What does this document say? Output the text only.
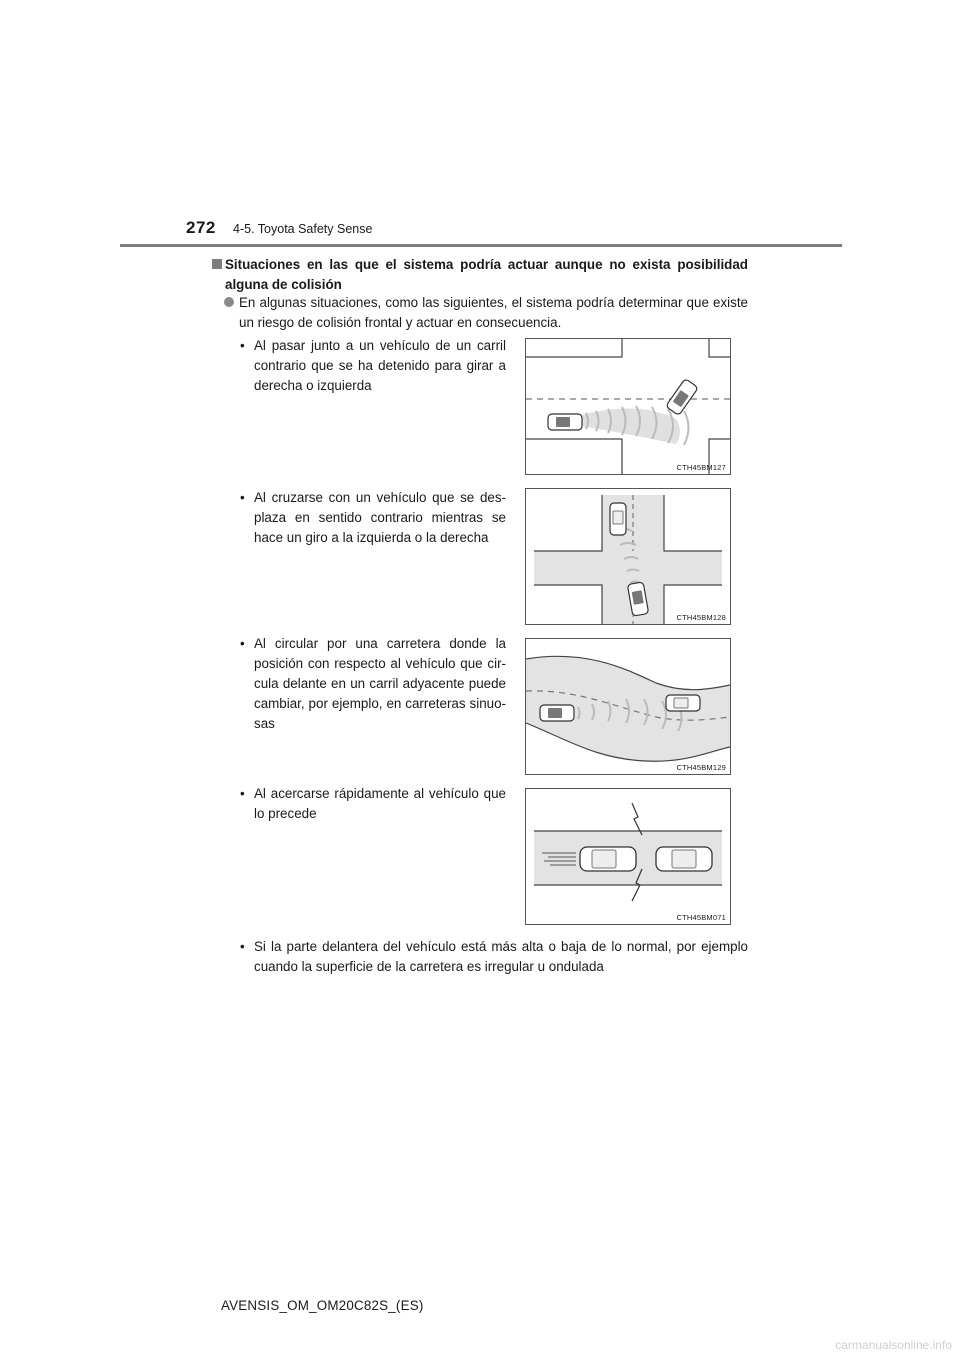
272 4-5. Toyota Safety Sense
Situaciones en las que el sistema podría actuar aunque no exista posibilidad alguna de colisión
En algunas situaciones, como las siguientes, el sistema podría determinar que existe un riesgo de colisión frontal y actuar en consecuencia.
• Al pasar junto a un vehículo de un carril contrario que se ha detenido para girar a derecha o izquierda
CTH45BM127
• Al cruzarse con un vehículo que se des-plaza en sentido contrario mientras se hace un giro a la izquierda o la derecha
CTH45BM128
• Al circular por una carretera donde la posición con respecto al vehículo que cir-cula delante en un carril adyacente puede cambiar, por ejemplo, en carreteras sinuo-sas
CTH45BM129
• Al acercarse rápidamente al vehículo que lo precede
CTH45BM071
• Si la parte delantera del vehículo está más alta o baja de lo normal, por ejemplo cuando la superficie de la carretera es irregular u ondulada
AVENSIS_OM_OM20C82S_(ES)
carmanualsonline.info
